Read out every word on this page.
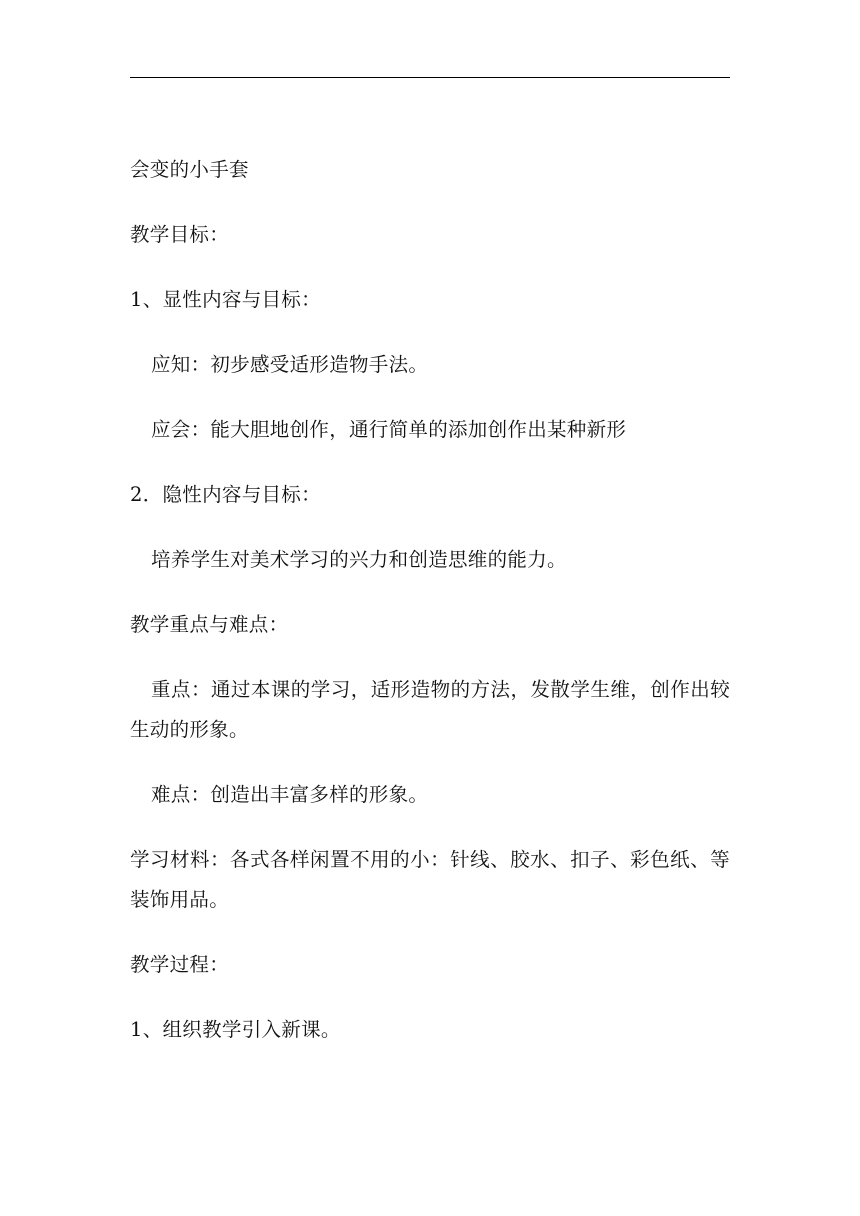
会变的小手套

教学目标：

1、显性内容与目标：

应知：初步感受适形造物手法。

应会：能大胆地创作，通行简单的添加创作出某种新形

2．隐性内容与目标：

培养学生对美术学习的兴力和创造思维的能力。

教学重点与难点：

重点：通过本课的学习，适形造物的方法，发散学生维，创作出较生动的形象。

难点：创造出丰富多样的形象。

学习材料：各式各样闲置不用的小：针线、胶水、扣子、彩色纸、等装饰用品。

教学过程：

1、组织教学引入新课。
